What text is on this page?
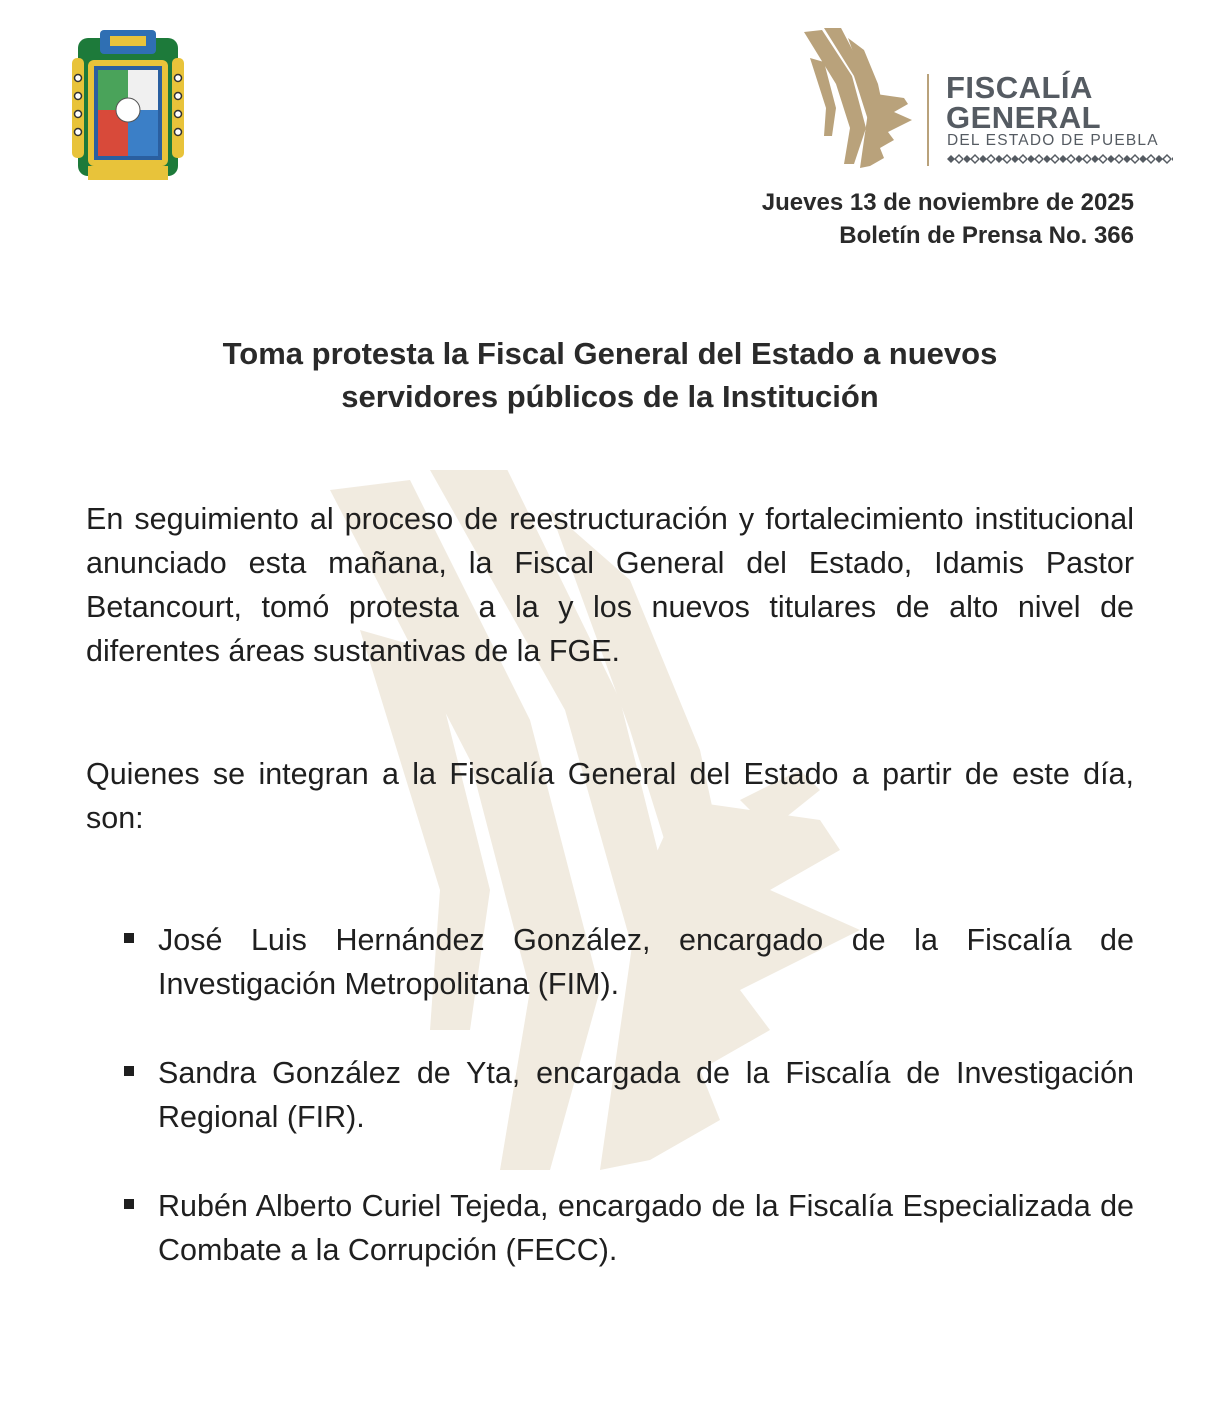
FISCALÍA
GENERAL
DEL ESTADO DE PUEBLA
Jueves 13 de noviembre de 2025
Boletín de Prensa No. 366
Toma protesta la Fiscal General del Estado a nuevos
servidores públicos de la Institución

En seguimiento al proceso de reestructuración y fortalecimiento institucional anunciado esta mañana, la Fiscal General del Estado, Idamis Pastor Betancourt, tomó protesta a la y los nuevos titulares de alto nivel de diferentes áreas sustantivas de la FGE.

Quienes se integran a la Fiscalía General del Estado a partir de este día, son:

José Luis Hernández González, encargado de la Fiscalía de Investigación Metropolitana (FIM).
Sandra González de Yta, encargada de la Fiscalía de Investigación Regional (FIR).
Rubén Alberto Curiel Tejeda, encargado de la Fiscalía Especializada de Combate a la Corrupción (FECC).
